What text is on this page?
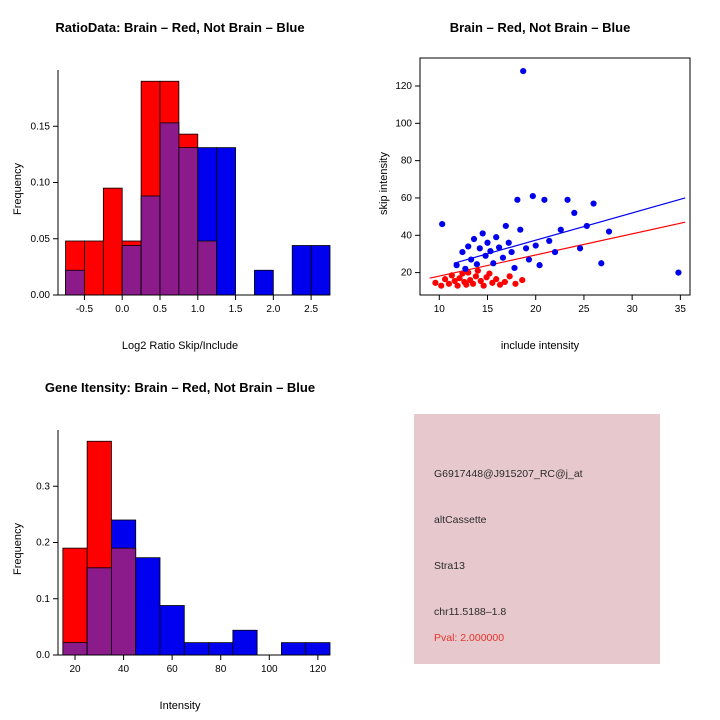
RatioData: Brain – Red, Not Brain – Blue
Frequency
Log2 Ratio Skip/Include
-0.5 0.0 0.5 1.0 1.5 2.0 2.5
0.00
0.05
0.10
0.15
Brain – Red, Not Brain – Blue
skip intensity
include intensity
10	15	20	25	30	35
20
40
60
80
100
120
Gene Itensity: Brain – Red, Not Brain – Blue
Frequency
Intensity
20	40	60	80	100	120
0.0
0.1
0.2
0.3
G6917448@J915207_RC@j_at
altCassette
Stra13
chr11.5188–1.8
Pval: 2.000000
